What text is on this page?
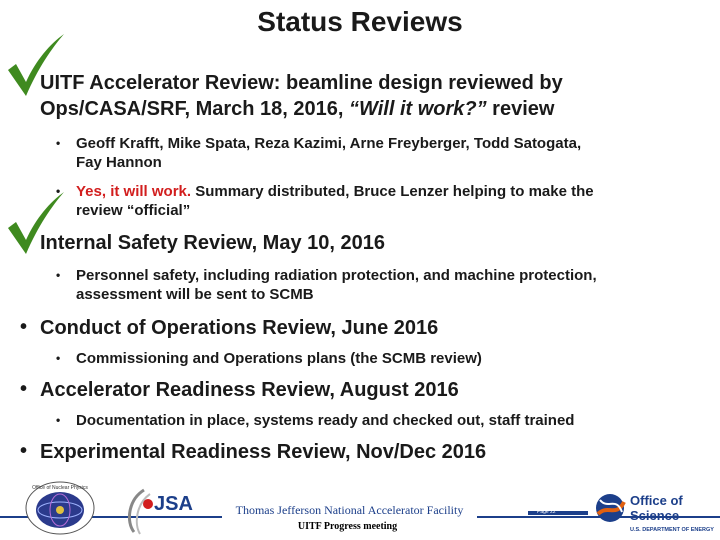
Status Reviews
UITF Accelerator Review: beamline design reviewed by
Ops/CASA/SRF, March 18, 2016, “Will it work?” review
• Geoff Krafft, Mike Spata, Reza Kazimi, Arne Freyberger, Todd Satogata,
Fay Hannon
• Yes, it will work. Summary distributed, Bruce Lenzer helping to make the
review “official”
Internal Safety Review, May 10, 2016
• Personnel safety, including radiation protection, and machine protection,
assessment will be sent to SCMB
• Conduct of Operations Review, June 2016
• Commissioning and Operations plans (the SCMB review)
• Accelerator Readiness Review, August 2016
• Documentation in place, systems ready and checked out, staff trained
• Experimental Readiness Review, Nov/Dec 2016
Page 22
Office of Nuclear Physics
JSA	Thomas Jefferson National Accelerator Facility
UITF Progress meeting
Office of
Science
U.S. DEPARTMENT OF ENERGY
